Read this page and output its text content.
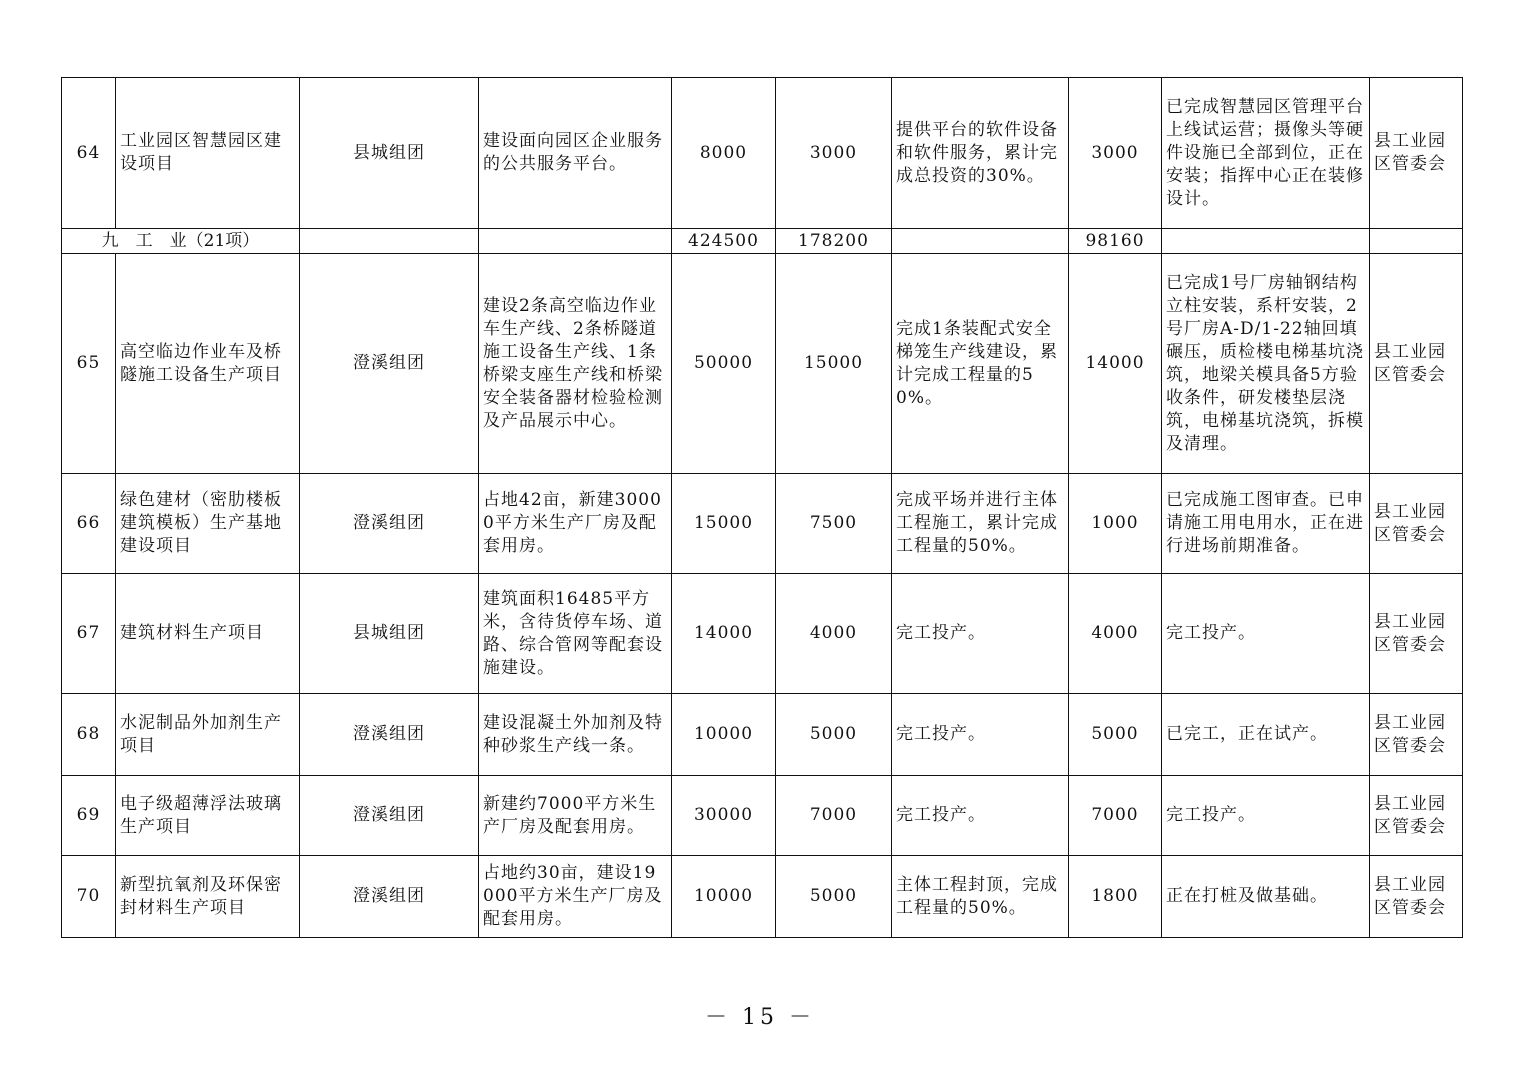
64	工业园区智慧园区建设项目	县城组团	建设面向园区企业服务的公共服务平台。	8000	3000	提供平台的软件设备和软件服务，累计完成总投资的30%。	3000	已完成智慧园区管理平台上线试运营；摄像头等硬件设施已全部到位，正在安装；指挥中心正在装修设计。	县工业园区管委会
九　工　业（21项）				424500	178200		98160		
65	高空临边作业车及桥隧施工设备生产项目	澄溪组团	建设2条高空临边作业车生产线、2条桥隧道施工设备生产线、1条桥梁支座生产线和桥梁安全装备器材检验检测及产品展示中心。	50000	15000	完成1条装配式安全梯笼生产线建设，累计完成工程量的50%。	14000	已完成1号厂房轴钢结构立柱安装，系杆安装，2号厂房A-D/1-22轴回填碾压，质检楼电梯基坑浇筑，地梁关模具备5方验收条件，研发楼垫层浇筑，电梯基坑浇筑，拆模及清理。	县工业园区管委会
66	绿色建材（密肋楼板建筑模板）生产基地建设项目	澄溪组团	占地42亩，新建30000平方米生产厂房及配套用房。	15000	7500	完成平场并进行主体工程施工，累计完成工程量的50%。	1000	已完成施工图审查。已申请施工用电用水，正在进行进场前期准备。	县工业园区管委会
67	建筑材料生产项目	县城组团	建筑面积16485平方米，含待货停车场、道路、综合管网等配套设施建设。	14000	4000	完工投产。	4000	完工投产。	县工业园区管委会
68	水泥制品外加剂生产项目	澄溪组团	建设混凝土外加剂及特种砂浆生产线一条。	10000	5000	完工投产。	5000	已完工，正在试产。	县工业园区管委会
69	电子级超薄浮法玻璃生产项目	澄溪组团	新建约7000平方米生产厂房及配套用房。	30000	7000	完工投产。	7000	完工投产。	县工业园区管委会
70	新型抗氧剂及环保密封材料生产项目	澄溪组团	占地约30亩，建设19000平方米生产厂房及配套用房。	10000	5000	主体工程封顶，完成工程量的50%。	1800	正在打桩及做基础。	县工业园区管委会
－ 15 －
